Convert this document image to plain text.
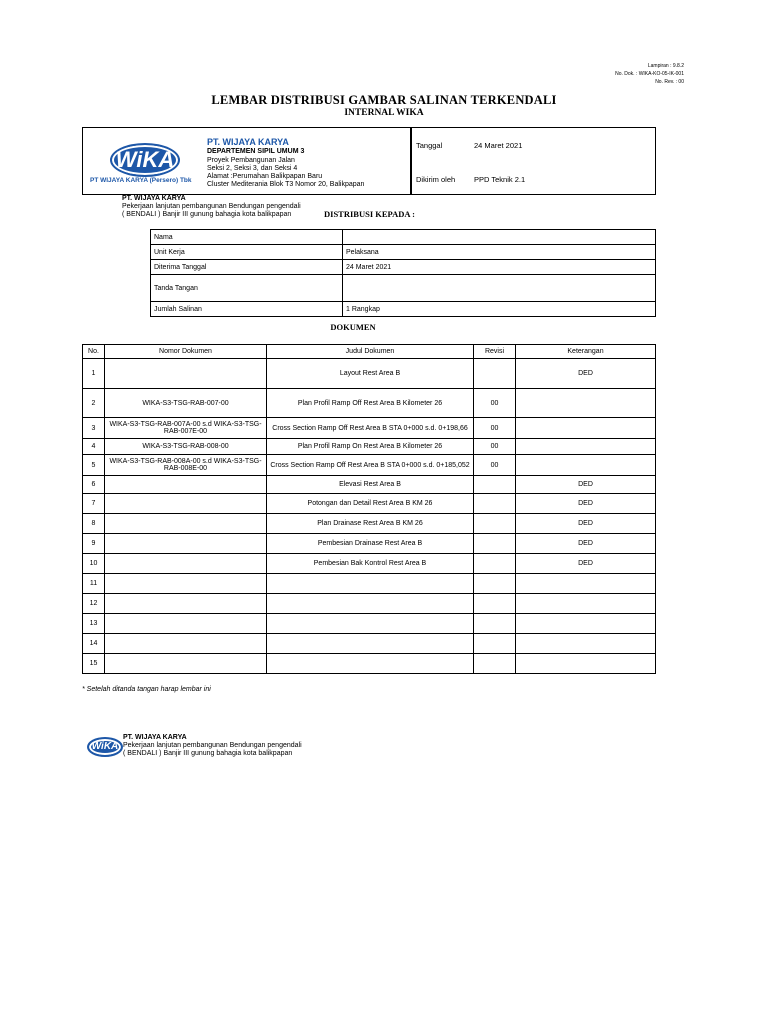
Lampiran : 9.8.2
No. Dok. : WIKA-KO-05-IK-001
No. Rev. : 00
LEMBAR DISTRIBUSI GAMBAR SALINAN TERKENDALI
INTERNAL WIKA
WiKA
PT WIJAYA KARYA (Persero) Tbk
PT. WIJAYA KARYA
DEPARTEMEN SIPIL UMUM 3
Proyek Pembangunan Jalan
Seksi 2, Seksi 3, dan Seksi 4
Alamat :Perumahan Balikpapan Baru
Cluster Mediterania Blok T3 Nomor 20, Balikpapan
Tanggal	24 Maret 2021
Dikirim oleh	PPD Teknik 2.1
PT. WIJAYA KARYA
Pekerjaan lanjutan pembangunan Bendungan pengendali
( BENDALI ) Banjir III gunung bahagia kota balikpapan	DISTRIBUSI KEPADA :
Nama	
Unit Kerja	Pelaksana
Diterima Tanggal	24 Maret 2021
Tanda Tangan	
Jumlah Salinan	1 Rangkap
DOKUMEN
No.	Nomor Dokumen	Judul Dokumen	Revisi	Keterangan
1		Layout Rest Area B		DED
2	WIKA-S3-TSG-RAB-007-00	Plan Profil Ramp Off Rest Area B Kilometer 26	00	
3	WIKA-S3-TSG-RAB-007A-00 s.d WIKA-S3-TSG-RAB-007E-00	Cross Section Ramp Off Rest Area B STA 0+000 s.d. 0+198,66	00	
4	WIKA-S3-TSG-RAB-008-00	Plan Profil Ramp On Rest Area B Kilometer 26	00	
5	WIKA-S3-TSG-RAB-008A-00 s.d WIKA-S3-TSG-RAB-008E-00	Cross Section Ramp Off Rest Area B STA 0+000 s.d. 0+185,052	00	
6		Elevasi Rest Area B		DED
7		Potongan dan Detail Rest Area B KM 26		DED
8		Plan Drainase Rest Area B KM 26		DED
9		Pembesian Drainase Rest Area B		DED
10		Pembesian Bak Kontrol Rest Area B		DED
11				
12				
13				
14				
15				
* Setelah ditanda tangan harap lembar ini
WiKA
PT. WIJAYA KARYA
Pekerjaan lanjutan pembangunan Bendungan pengendali
( BENDALI ) Banjir III gunung bahagia kota balikpapan
